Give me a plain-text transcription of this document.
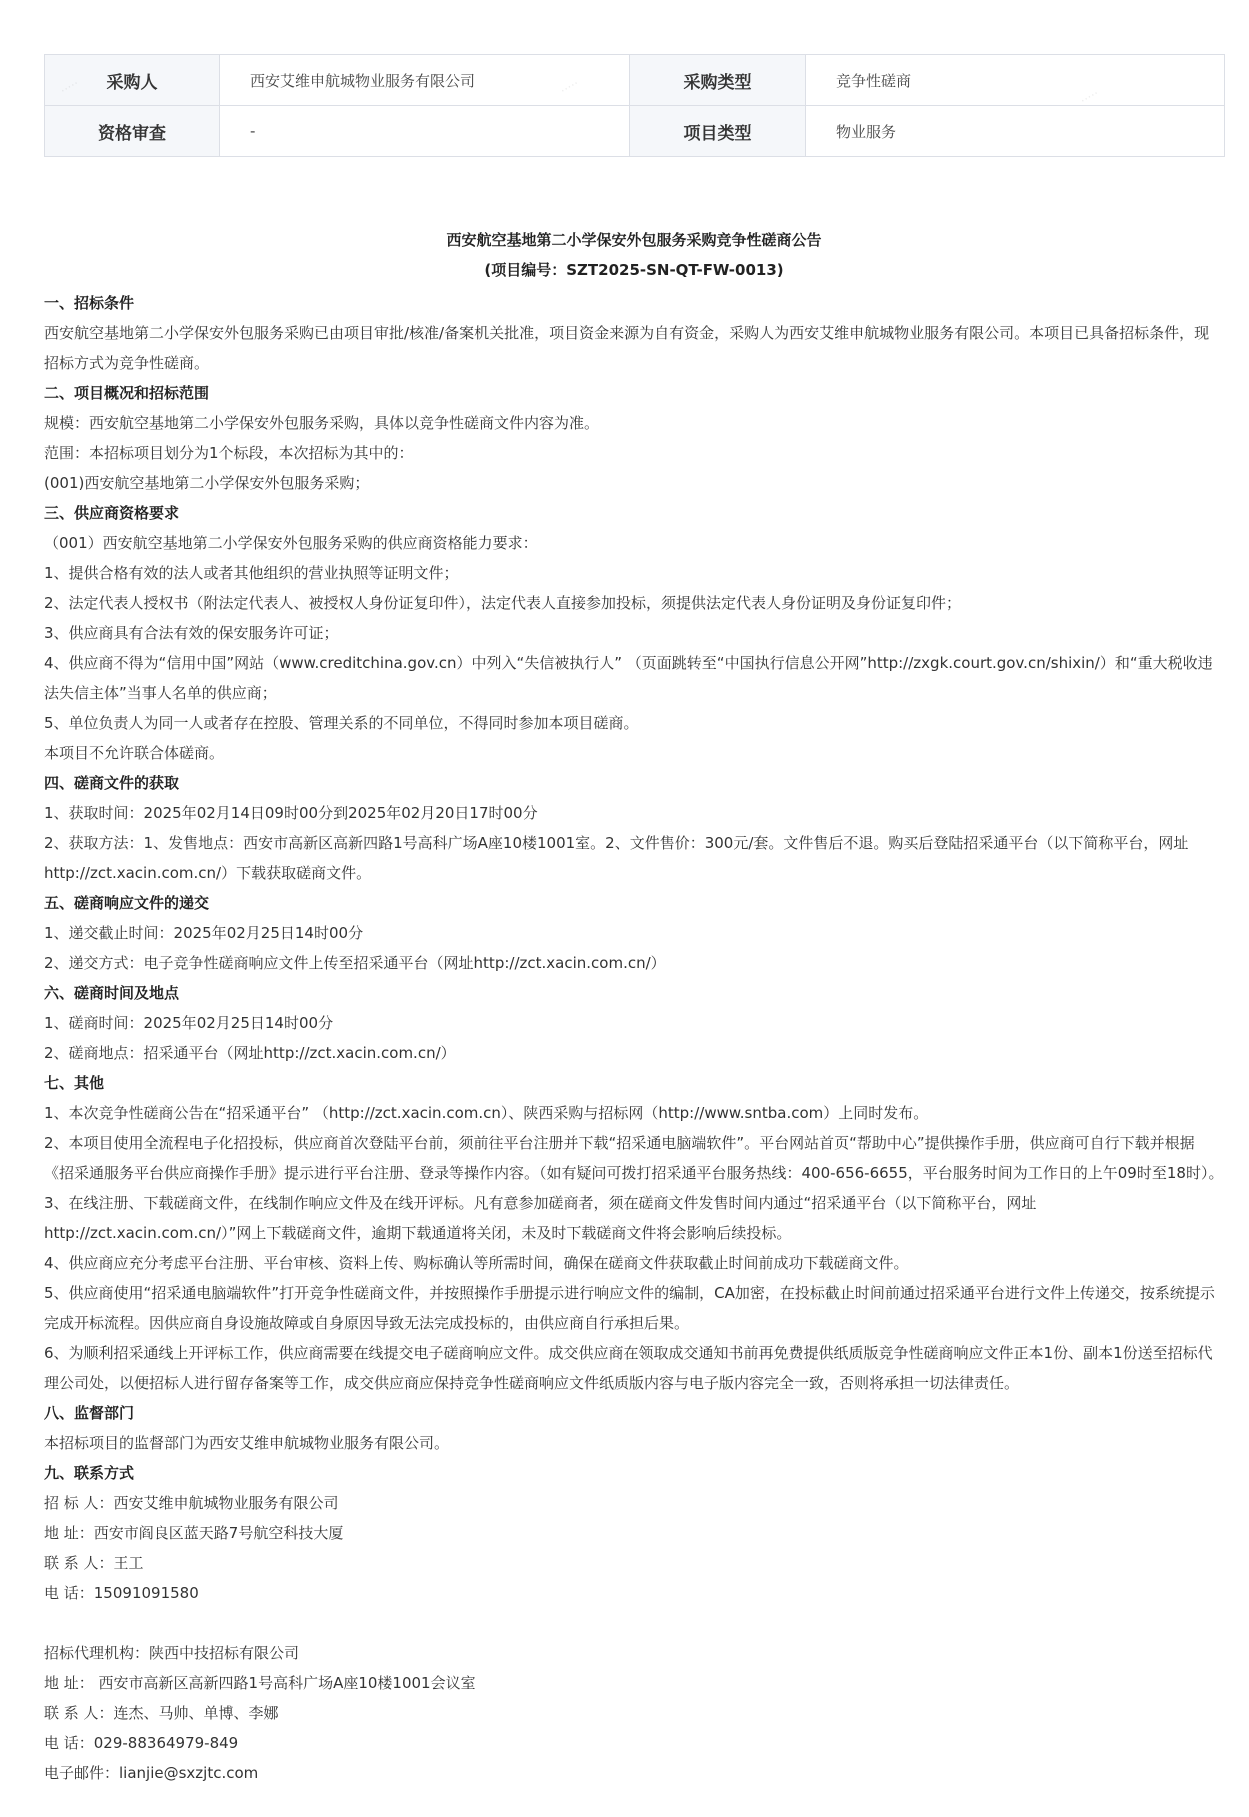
采购人	西安艾维申航城物业服务有限公司	采购类型	竞争性磋商
资格审查	-	项目类型	物业服务
西安航空基地第二小学保安外包服务采购竞争性磋商公告
(项目编号：SZT2025-SN-QT-FW-0013)

一、招标条件

西安航空基地第二小学保安外包服务采购已由项目审批/核准/备案机关批准，项目资金来源为自有资金，采购人为西安艾维申航城物业服务有限公司。本项目已具备招标条件，现招标方式为竞争性磋商。

二、项目概况和招标范围

规模：西安航空基地第二小学保安外包服务采购，具体以竞争性磋商文件内容为准。

范围：本招标项目划分为1个标段，本次招标为其中的：

(001)西安航空基地第二小学保安外包服务采购；

三、供应商资格要求

（001）西安航空基地第二小学保安外包服务采购的供应商资格能力要求：

1、提供合格有效的法人或者其他组织的营业执照等证明文件；

2、法定代表人授权书（附法定代表人、被授权人身份证复印件），法定代表人直接参加投标，须提供法定代表人身份证明及身份证复印件；

3、供应商具有合法有效的保安服务许可证；

4、供应商不得为“信用中国”网站（www.creditchina.gov.cn）中列入“失信被执行人” （页面跳转至“中国执行信息公开网”http://zxgk.court.gov.cn/shixin/）和“重大税收违法失信主体”当事人名单的供应商；

5、单位负责人为同一人或者存在控股、管理关系的不同单位，不得同时参加本项目磋商。

本项目不允许联合体磋商。

四、磋商文件的获取

1、获取时间：2025年02月14日09时00分到2025年02月20日17时00分

2、获取方法：1、发售地点：西安市高新区高新四路1号高科广场A座10楼1001室。2、文件售价：300元/套。文件售后不退。购买后登陆招采通平台（以下简称平台，网址 http://zct.xacin.com.cn/）下载获取磋商文件。

五、磋商响应文件的递交

1、递交截止时间：2025年02月25日14时00分

2、递交方式：电子竞争性磋商响应文件上传至招采通平台（网址http://zct.xacin.com.cn/）

六、磋商时间及地点

1、磋商时间：2025年02月25日14时00分

2、磋商地点：招采通平台（网址http://zct.xacin.com.cn/）

七、其他

1、本次竞争性磋商公告在“招采通平台” （http://zct.xacin.com.cn）、陕西采购与招标网（http://www.sntba.com）上同时发布。

2、本项目使用全流程电子化招投标，供应商首次登陆平台前，须前往平台注册并下载“招采通电脑端软件”。平台网站首页“帮助中心”提供操作手册，供应商可自行下载并根据《招采通服务平台供应商操作手册》提示进行平台注册、登录等操作内容。（如有疑问可拨打招采通平台服务热线：400-656-6655，平台服务时间为工作日的上午09时至18时）。

3、在线注册、下载磋商文件，在线制作响应文件及在线开评标。凡有意参加磋商者，须在磋商文件发售时间内通过“招采通平台（以下简称平台，网址http://zct.xacin.com.cn/）”网上下载磋商文件，逾期下载通道将关闭，未及时下载磋商文件将会影响后续投标。

4、供应商应充分考虑平台注册、平台审核、资料上传、购标确认等所需时间，确保在磋商文件获取截止时间前成功下载磋商文件。

5、供应商使用“招采通电脑端软件”打开竞争性磋商文件，并按照操作手册提示进行响应文件的编制，CA加密，在投标截止时间前通过招采通平台进行文件上传递交，按系统提示完成开标流程。因供应商自身设施故障或自身原因导致无法完成投标的，由供应商自行承担后果。

6、为顺利招采通线上开评标工作，供应商需要在线提交电子磋商响应文件。成交供应商在领取成交通知书前再免费提供纸质版竞争性磋商响应文件正本1份、副本1份送至招标代理公司处，以便招标人进行留存备案等工作，成交供应商应保持竞争性磋商响应文件纸质版内容与电子版内容完全一致，否则将承担一切法律责任。

八、监督部门

本招标项目的监督部门为西安艾维申航城物业服务有限公司。

九、联系方式

招 标 人：西安艾维申航城物业服务有限公司

地 址：西安市阎良区蓝天路7号航空科技大厦

联 系 人：王工

电 话：15091091580

招标代理机构：陕西中技招标有限公司

地 址： 西安市高新区高新四路1号高科广场A座10楼1001会议室

联 系 人：连杰、马帅、单博、李娜

电 话：029-88364979-849

电子邮件：lianjie@sxzjtc.com

·····	·····
